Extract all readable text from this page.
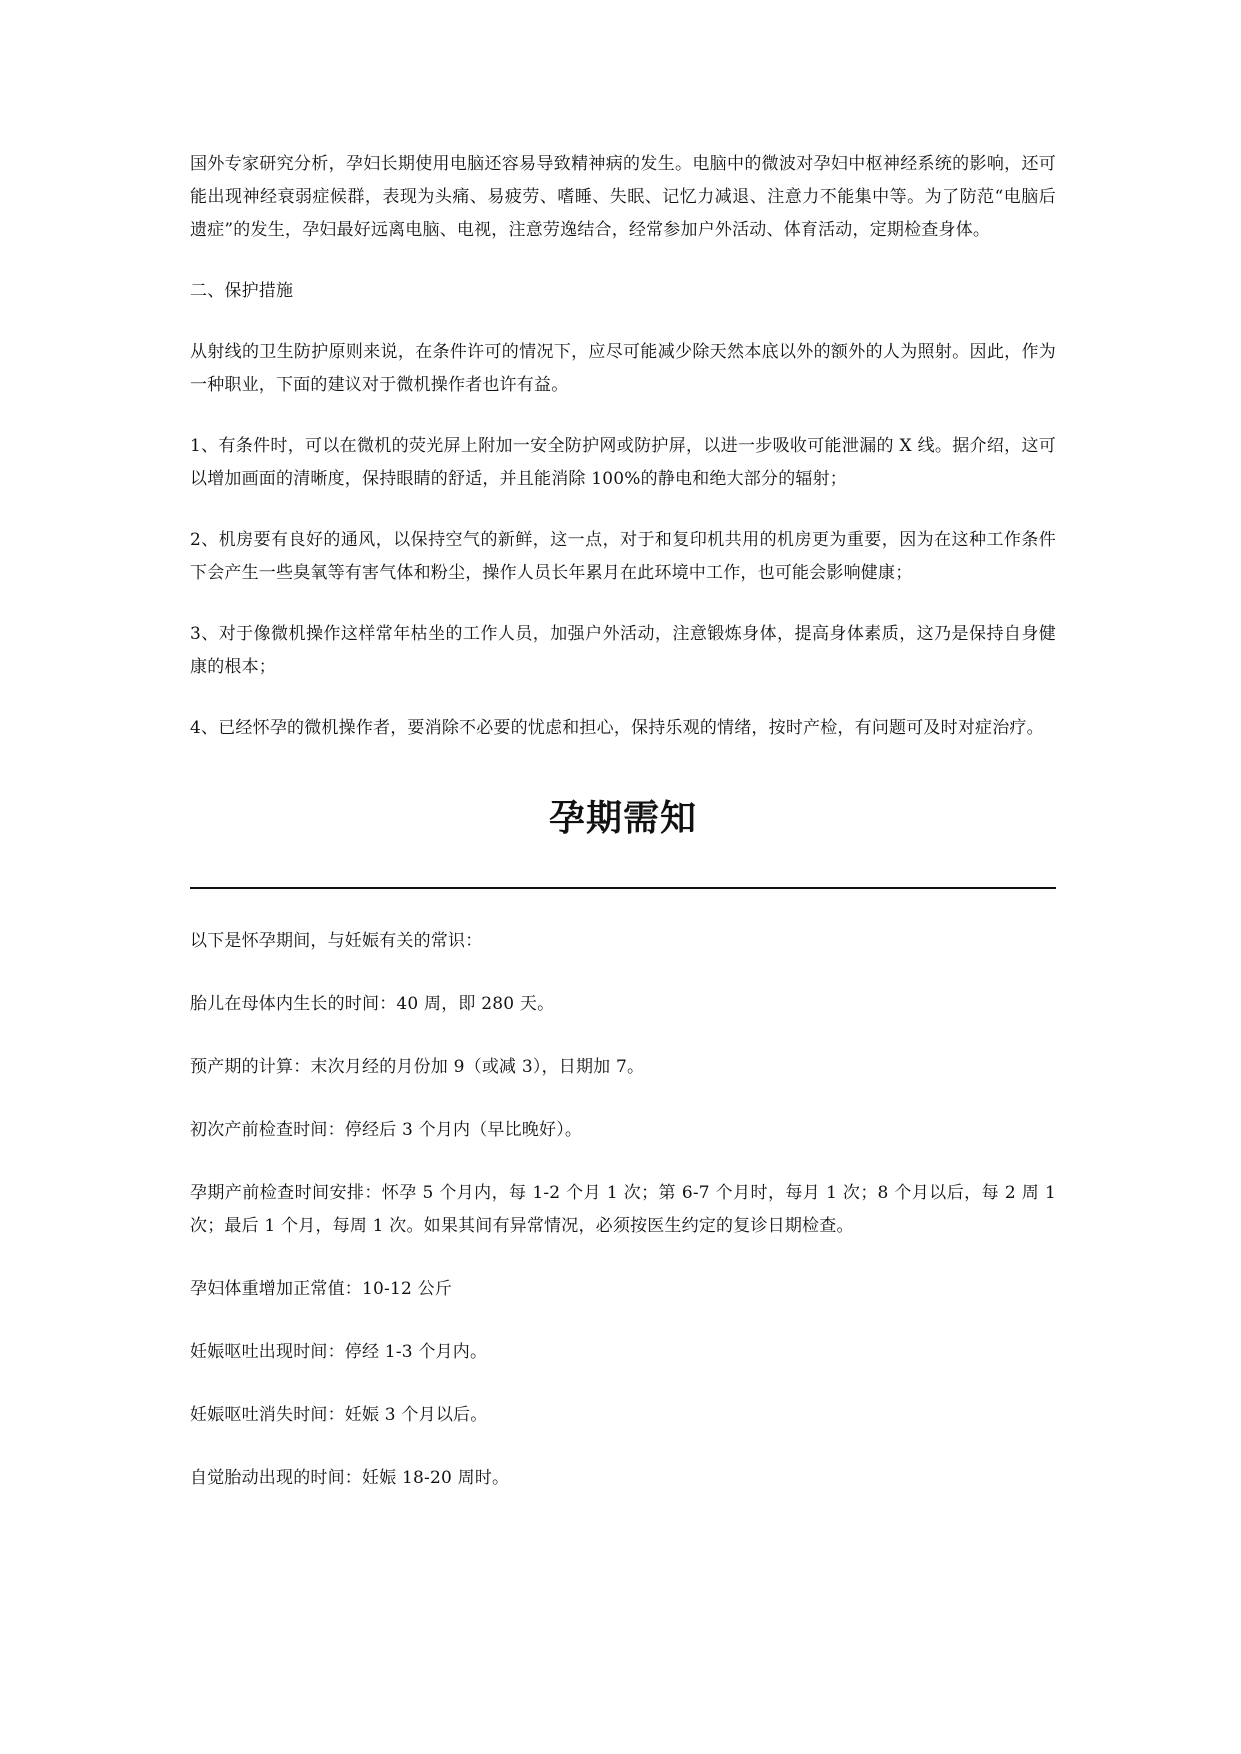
国外专家研究分析，孕妇长期使用电脑还容易导致精神病的发生。电脑中的微波对孕妇中枢神经系统的影响，还可能出现神经衰弱症候群，表现为头痛、易疲劳、嗜睡、失眠、记忆力减退、注意力不能集中等。为了防范“电脑后遗症”的发生，孕妇最好远离电脑、电视，注意劳逸结合，经常参加户外活动、体育活动，定期检查身体。

二、保护措施

从射线的卫生防护原则来说，在条件许可的情况下，应尽可能减少除天然本底以外的额外的人为照射。因此，作为一种职业，下面的建议对于微机操作者也许有益。

1、有条件时，可以在微机的荧光屏上附加一安全防护网或防护屏，以进一步吸收可能泄漏的 X 线。据介绍，这可以增加画面的清晰度，保持眼睛的舒适，并且能消除 100%的静电和绝大部分的辐射；

2、机房要有良好的通风，以保持空气的新鲜，这一点，对于和复印机共用的机房更为重要，因为在这种工作条件下会产生一些臭氧等有害气体和粉尘，操作人员长年累月在此环境中工作，也可能会影响健康；

3、对于像微机操作这样常年枯坐的工作人员，加强户外活动，注意锻炼身体，提高身体素质，这乃是保持自身健康的根本；

4、已经怀孕的微机操作者，要消除不必要的忧虑和担心，保持乐观的情绪，按时产检，有问题可及时对症治疗。

孕期需知

以下是怀孕期间，与妊娠有关的常识：

胎儿在母体内生长的时间：40 周，即 280 天。

预产期的计算：末次月经的月份加 9（或减 3），日期加 7。

初次产前检查时间：停经后 3 个月内（早比晚好）。

孕期产前检查时间安排：怀孕 5 个月内，每 1-2 个月 1 次；第 6-7 个月时，每月 1 次；8 个月以后，每 2 周 1 次；最后 1 个月，每周 1 次。如果其间有异常情况，必须按医生约定的复诊日期检查。

孕妇体重增加正常值：10-12 公斤

妊娠呕吐出现时间：停经 1-3 个月内。

妊娠呕吐消失时间：妊娠 3 个月以后。

自觉胎动出现的时间：妊娠 18-20 周时。
